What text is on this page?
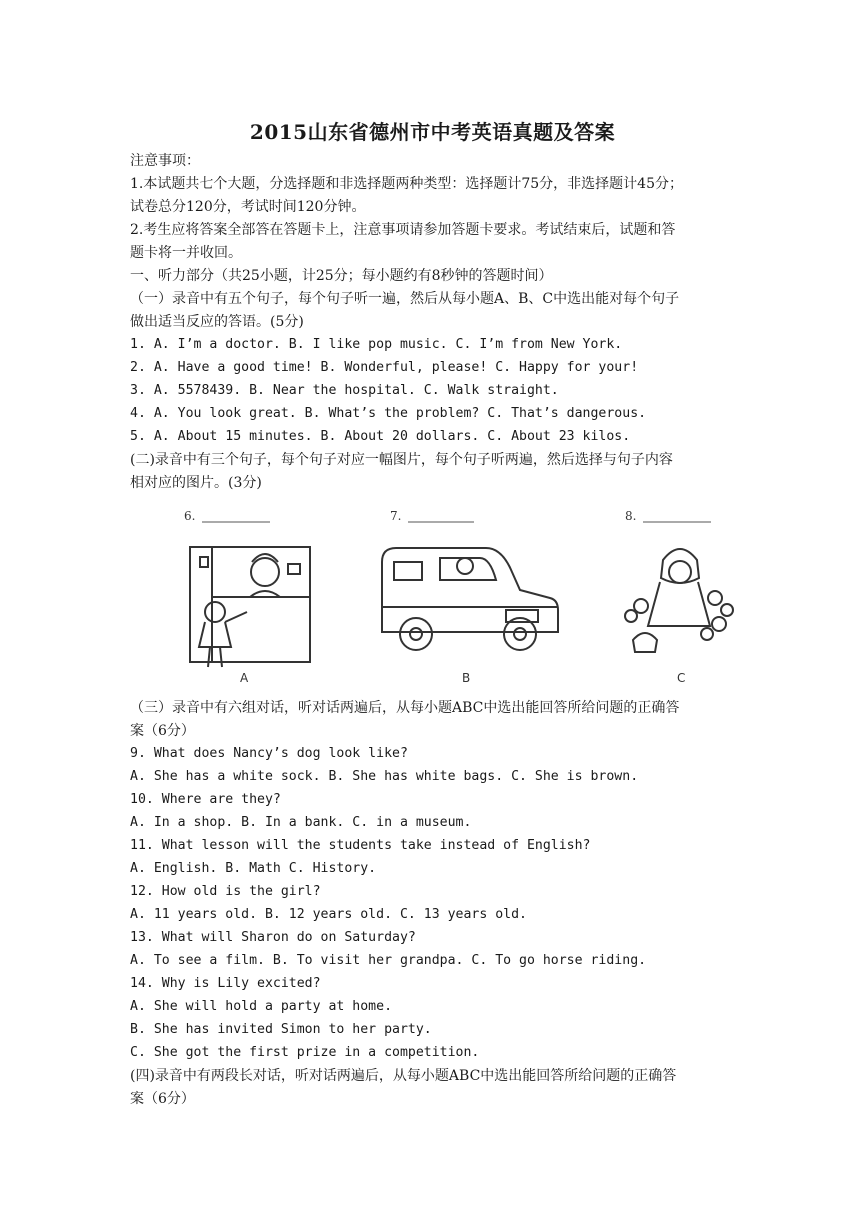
2015山东省德州市中考英语真题及答案
注意事项：
1.本试题共七个大题，分选择题和非选择题两种类型：选择题计75分，非选择题计45分；
试卷总分120分，考试时间120分钟。
2.考生应将答案全部答在答题卡上，注意事项请参加答题卡要求。考试结束后，试题和答
题卡将一并收回。
一、听力部分（共25小题，计25分；每小题约有8秒钟的答题时间）
（一）录音中有五个句子，每个句子听一遍，然后从每小题A、B、C中选出能对每个句子
做出适当反应的答语。(5分)
1. A. I’m a doctor. B. I like pop music. C. I’m from New York.
2. A. Have a good time! B. Wonderful, please! C. Happy for your!
3. A. 5578439. B. Near the hospital. C. Walk straight.
4. A. You look great. B. What’s the problem? C. That’s dangerous.
5. A. About 15 minutes. B. About 20 dollars. C. About 23 kilos.
(二)录音中有三个句子，每个句子对应一幅图片，每个句子听两遍，然后选择与句子内容
相对应的图片。(3分)
6.
A
7.
B
8.
C
（三）录音中有六组对话，听对话两遍后，从每小题ABC中选出能回答所给问题的正确答
案（6分）
9. What does Nancy’s dog look like?
A. She has a white sock. B. She has white bags. C. She is brown.
10. Where are they?
A. In a shop. B. In a bank. C. in a museum.
11. What lesson will the students take instead of English?
A. English. B. Math C. History.
12. How old is the girl?
A. 11 years old. B. 12 years old. C. 13 years old.
13. What will Sharon do on Saturday?
A. To see a film. B. To visit her grandpa. C. To go horse riding.
14. Why is Lily excited?
A. She will hold a party at home.
B. She has invited Simon to her party.
C. She got the first prize in a competition.
(四)录音中有两段长对话，听对话两遍后，从每小题ABC中选出能回答所给问题的正确答
案（6分）
